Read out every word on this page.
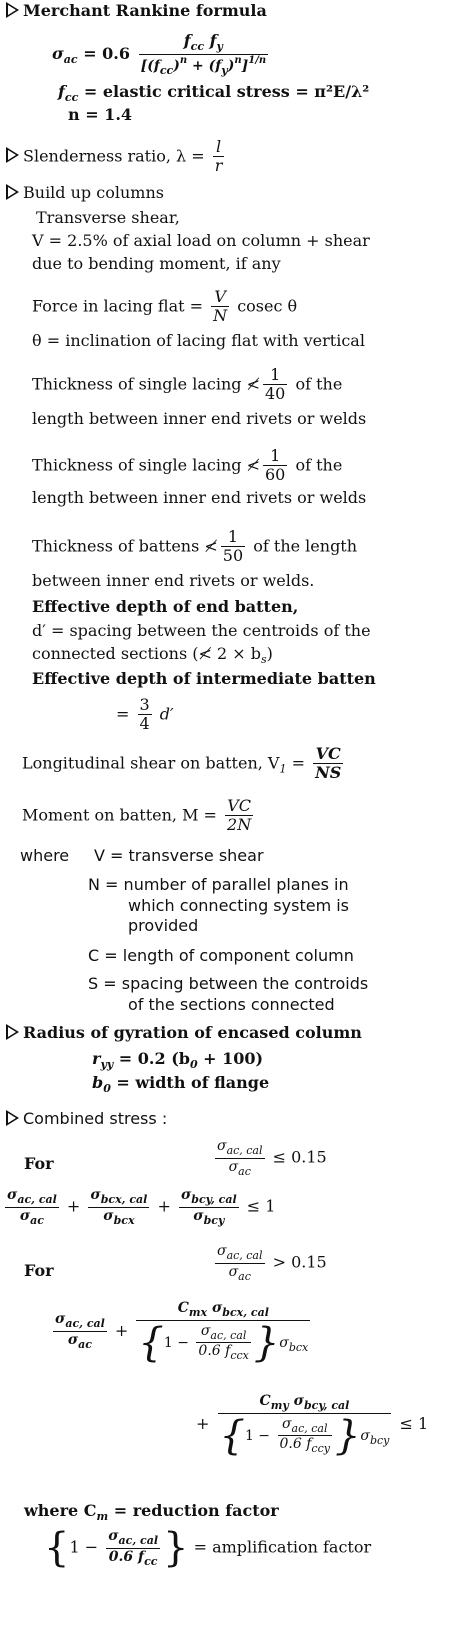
Merchant Rankine formula
$\sigma_{ac} = 0.6 \frac{f_{cc} f_y}{[(f_{cc})^n + (f_y)^n]^{1/n}}$
$f_{cc}$ = elastic critical stress = π²E/λ²
n = 1.4
Slenderness ratio, $\lambda = \frac{l}{r}$
Build up columns
Transverse shear,
V = 2.5% of axial load on column + shear
due to bending moment, if any
Force in lacing flat = $\frac{V}{N}$ cosec θ
θ = inclination of lacing flat with vertical
Thickness of single lacing ≮ $\frac{1}{40}$ of the
length between inner end rivets or welds
Thickness of single lacing ≮ $\frac{1}{60}$ of the
length between inner end rivets or welds
Thickness of battens ≮ $\frac{1}{50}$ of the length
between inner end rivets or welds.
Effective depth of end batten,
d′ = spacing between the centroids of the
connected sections (≮ $2 \times b_s$)
Effective depth of intermediate batten
= $\frac{3}{4} d'$
Longitudinal shear on batten, $V_1 = \frac{VC}{NS}$
Moment on batten, $M = \frac{VC}{2N}$
where V = transverse shear
N = number of parallel planes in
which connecting system is
provided
C = length of component column
S = spacing between the controids
of the sections connected
Radius of gyration of encased column
$r_{yy} = 0.2$ $(b_0 + 100)$
$b_0$ = width of flange
Combined stress :
For	$\frac{\sigma_{ac, cal}}{\sigma_{ac}} \le 0.15$
$\frac{\sigma_{ac, cal}}{\sigma_{ac}} + \frac{\sigma_{bcx, cal}}{\sigma_{bcx}} + \frac{\sigma_{bcy, cal}}{\sigma_{bcy}} \le 1$
For	$\frac{\sigma_{ac, cal}}{\sigma_{ac}} > 0.15$
$\frac{\sigma_{ac, cal}}{\sigma_{ac}} + \frac{C_{mx} \sigma_{bcx, cal}}{\{1 - \frac{\sigma_{ac, cal}}{0.6 f_{ccx}} \}\sigma_{bcx}}$
+ $\frac{C_{my} \sigma_{bcy, cal}}{\{1 - \frac{\sigma_{ac, cal}}{0.6 f_{ccy}} \}\sigma_{bcy}} \le 1$
where $C_m$ = reduction factor
{$1 - \frac{\sigma_{ac, cal}}{0.6 f_{cc}}$ } = amplification factor
